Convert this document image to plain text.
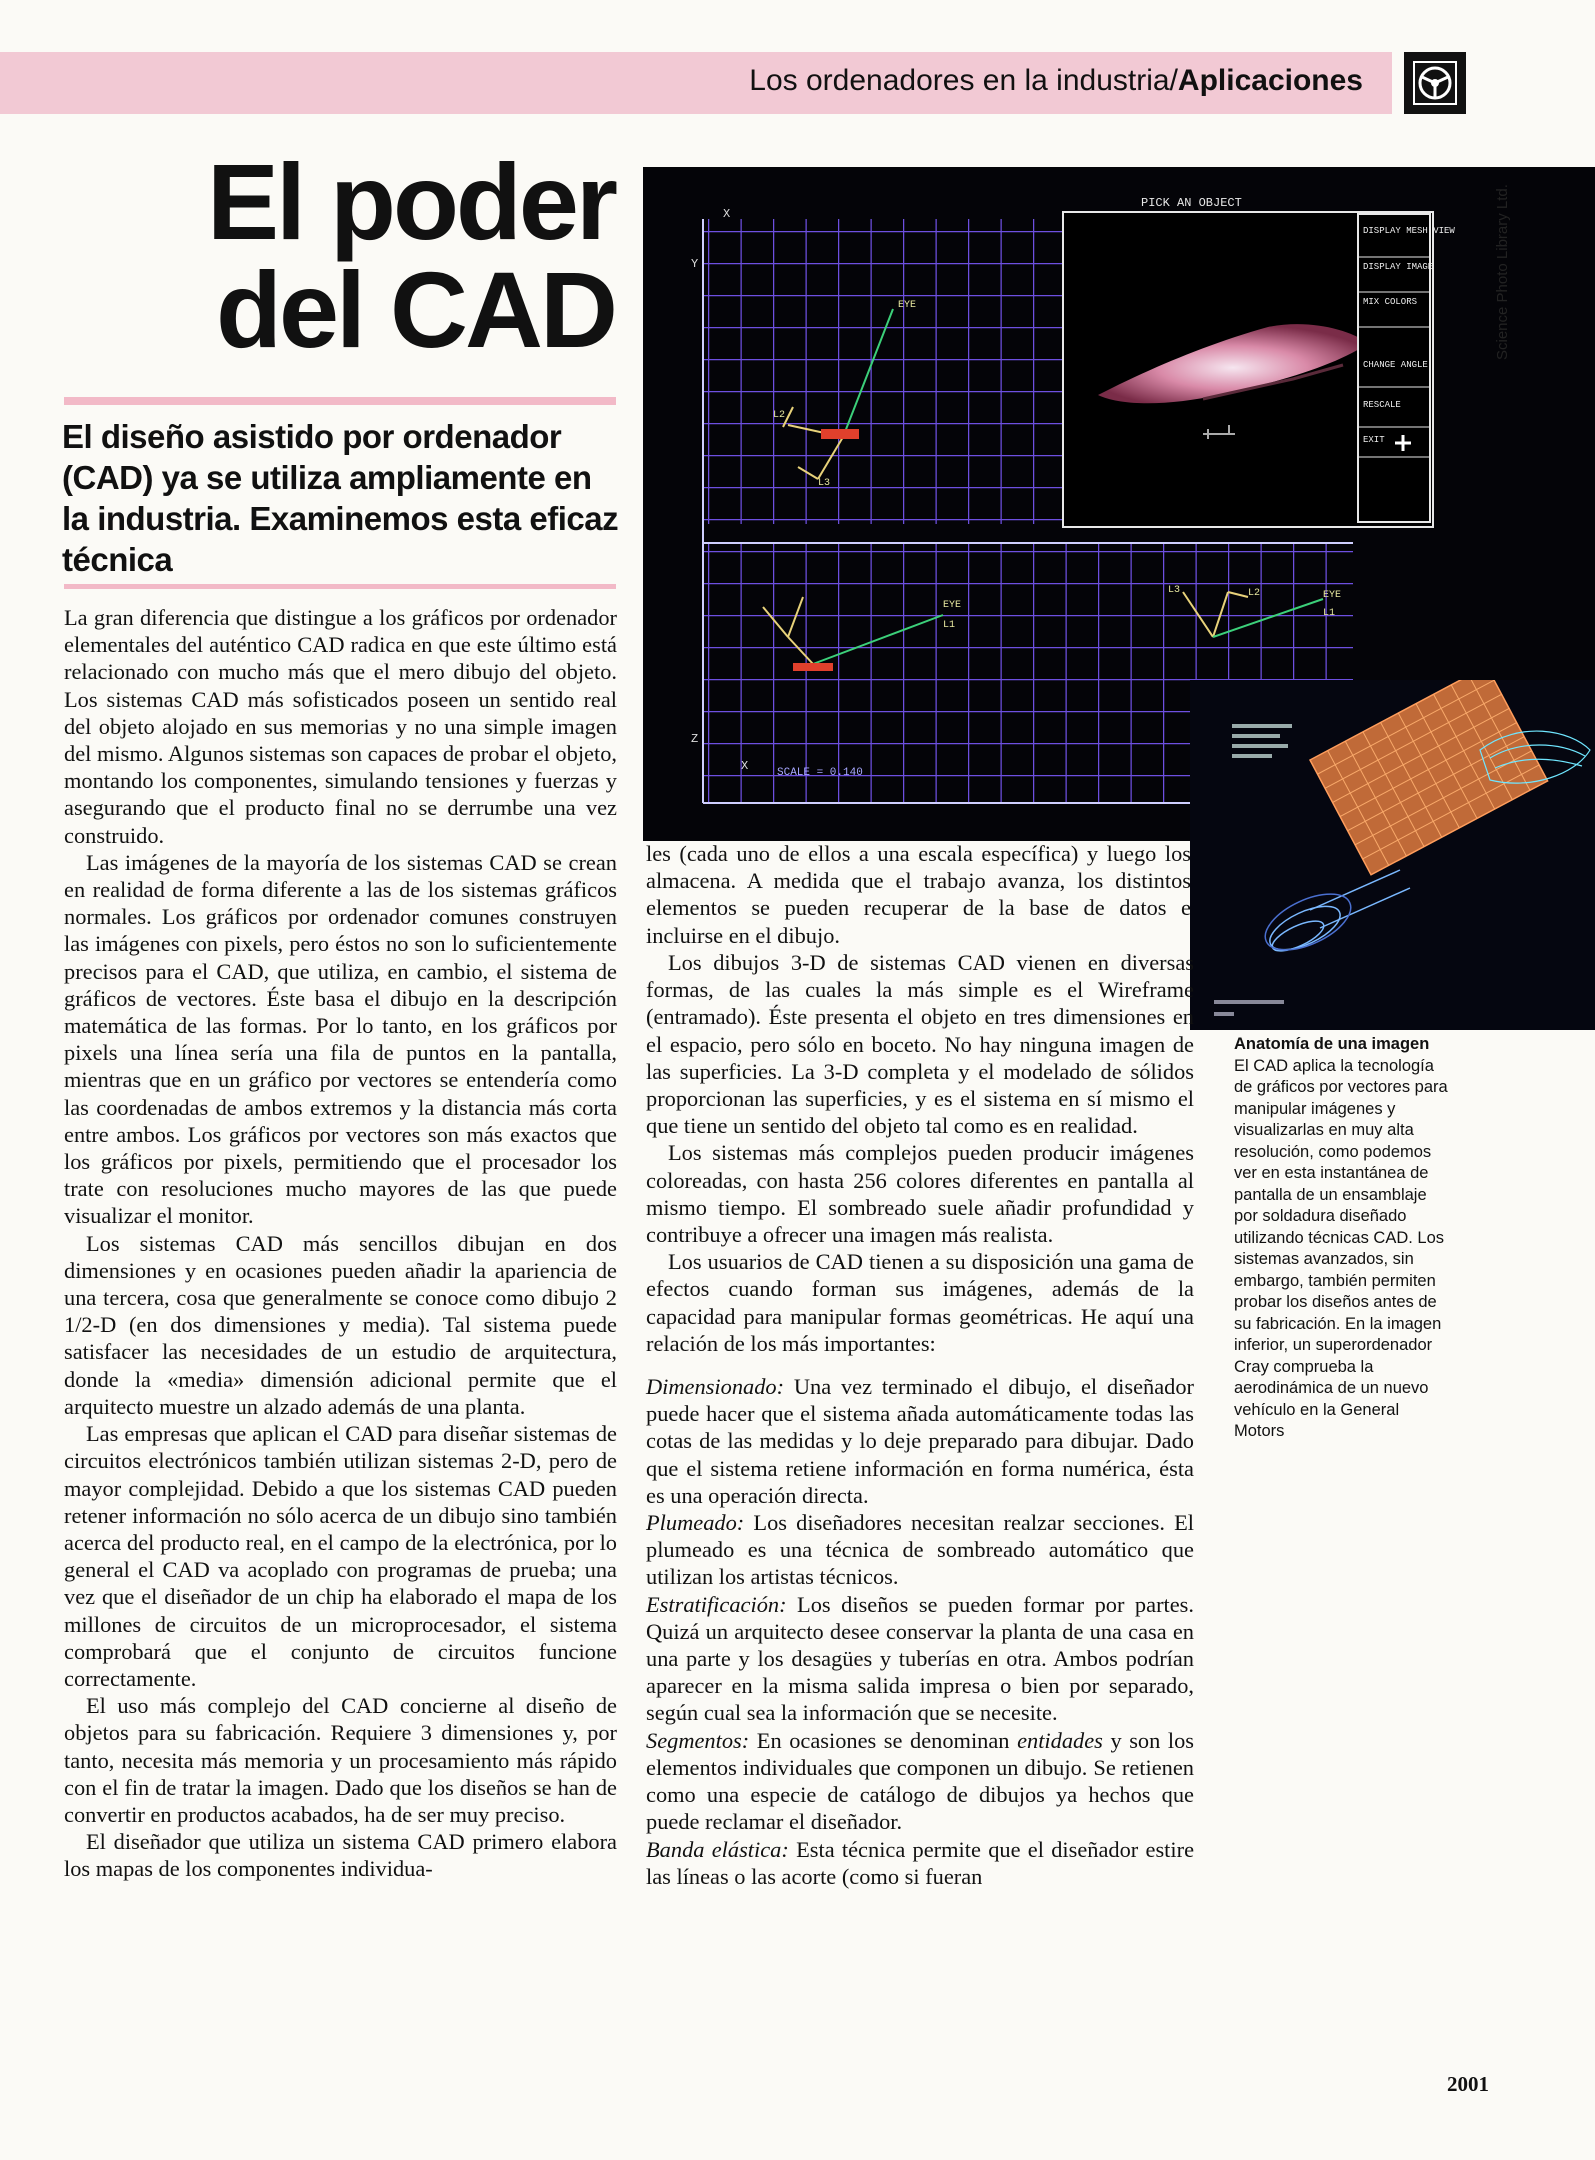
Los ordenadores en la industria/Aplicaciones
El poder
del CAD
El diseño asistido por ordenador (CAD) ya se utiliza ampliamente en la industria. Examinemos esta eficaz técnica

La gran diferencia que distingue a los gráficos por ordenador elementales del auténtico CAD radica en que este último está relacionado con mucho más que el mero dibujo del objeto. Los sistemas CAD más sofisticados poseen un sentido real del objeto alojado en sus memorias y no una simple imagen del mismo. Algunos sistemas son capaces de probar el objeto, montando los componentes, simulando tensiones y fuerzas y asegurando que el producto final no se derrumbe una vez construido.

Las imágenes de la mayoría de los sistemas CAD se crean en realidad de forma diferente a las de los sistemas gráficos normales. Los gráficos por ordenador comunes construyen las imágenes con pixels, pero éstos no son lo suficientemente precisos para el CAD, que utiliza, en cambio, el sistema de gráficos de vectores. Éste basa el dibujo en la descripción matemática de las formas. Por lo tanto, en los gráficos por pixels una línea sería una fila de puntos en la pantalla, mientras que en un gráfico por vectores se entendería como las coordenadas de ambos extremos y la distancia más corta entre ambos. Los gráficos por vectores son más exactos que los gráficos por pixels, permitiendo que el procesador los trate con resoluciones mucho mayores de las que puede visualizar el monitor.

Los sistemas CAD más sencillos dibujan en dos dimensiones y en ocasiones pueden añadir la apariencia de una tercera, cosa que generalmente se conoce como dibujo 2 1/2-D (en dos dimensiones y media). Tal sistema puede satisfacer las necesidades de un estudio de arquitectura, donde la «media» dimensión adicional permite que el arquitecto muestre un alzado además de una planta.

Las empresas que aplican el CAD para diseñar sistemas de circuitos electrónicos también utilizan sistemas 2-D, pero de mayor complejidad. Debido a que los sistemas CAD pueden retener información no sólo acerca de un dibujo sino también acerca del producto real, en el campo de la electrónica, por lo general el CAD va acoplado con programas de prueba; una vez que el diseñador de un chip ha elaborado el mapa de los millones de circuitos de un microprocesador, el sistema comprobará que el conjunto de circuitos funcione correctamente.

El uso más complejo del CAD concierne al diseño de objetos para su fabricación. Requiere 3 dimensiones y, por tanto, necesita más memoria y un procesamiento más rápido con el fin de tratar la imagen. Dado que los diseños se han de convertir en productos acabados, ha de ser muy preciso.

El diseñador que utiliza un sistema CAD primero elabora los mapas de los componentes individua-

X
Y
Z
X
PICK AN OBJECT
DISPLAY MESH VIEW
DISPLAY IMAGE
MIX COLORS
CHANGE ANGLE
RESCALE
EXIT
EYE
L2
L3
EYE
L1
EYE
L1
L3	L2
SCALE = 0.140
Science Photo Library Ltd.
Anatomía de una imagen
El CAD aplica la tecnología de gráficos por vectores para manipular imágenes y visualizarlas en muy alta resolución, como podemos ver en esta instantánea de pantalla de un ensamblaje por soldadura diseñado utilizando técnicas CAD. Los sistemas avanzados, sin embargo, también permiten probar los diseños antes de su fabricación. En la imagen inferior, un superordenador Cray comprueba la aerodinámica de un nuevo vehículo en la General Motors

les (cada uno de ellos a una escala específica) y luego los almacena. A medida que el trabajo avanza, los distintos elementos se pueden recuperar de la base de datos e incluirse en el dibujo.

Los dibujos 3-D de sistemas CAD vienen en diversas formas, de las cuales la más simple es el Wireframe (entramado). Éste presenta el objeto en tres dimensiones en el espacio, pero sólo en boceto. No hay ninguna imagen de las superficies. La 3-D completa y el modelado de sólidos proporcionan las superficies, y es el sistema en sí mismo el que tiene un sentido del objeto tal como es en realidad.

Los sistemas más complejos pueden producir imágenes coloreadas, con hasta 256 colores diferentes en pantalla al mismo tiempo. El sombreado suele añadir profundidad y contribuye a ofrecer una imagen más realista.

Los usuarios de CAD tienen a su disposición una gama de efectos cuando forman sus imágenes, además de la capacidad para manipular formas geométricas. He aquí una relación de los más importantes:

Dimensionado: Una vez terminado el dibujo, el diseñador puede hacer que el sistema añada automáticamente todas las cotas de las medidas y lo deje preparado para dibujar. Dado que el sistema retiene información en forma numérica, ésta es una operación directa.

Plumeado: Los diseñadores necesitan realzar secciones. El plumeado es una técnica de sombreado automático que utilizan los artistas técnicos.

Estratificación: Los diseños se pueden formar por partes. Quizá un arquitecto desee conservar la planta de una casa en una parte y los desagües y tuberías en otra. Ambos podrían aparecer en la misma salida impresa o bien por separado, según cual sea la información que se necesite.

Segmentos: En ocasiones se denominan entidades y son los elementos individuales que componen un dibujo. Se retienen como una especie de catálogo de dibujos ya hechos que puede reclamar el diseñador.

Banda elástica: Esta técnica permite que el diseñador estire las líneas o las acorte (como si fueran

2001
